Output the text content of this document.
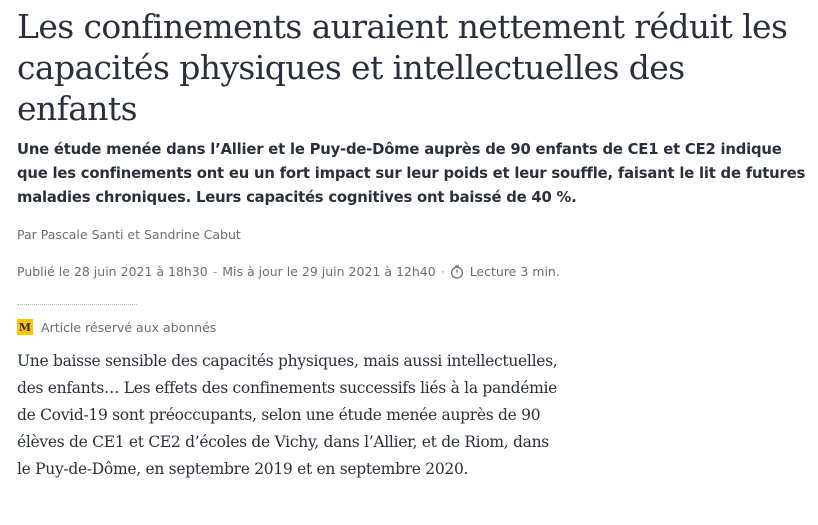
Les confinements auraient nettement réduit les capacités physiques et intellectuelles des enfants

Une étude menée dans l’Allier et le Puy-de-Dôme auprès de 90 enfants de CE1 et CE2 indique que les confinements ont eu un fort impact sur leur poids et leur souffle, faisant le lit de futures maladies chroniques. Leurs capacités cognitives ont baissé de 40 %.

Par Pascale Santi et Sandrine Cabut
Publié le 28 juin 2021 à 18h30 - Mis à jour le 29 juin 2021 à 12h40 · Lecture 3 min.
M Article réservé aux abonnés

Une baisse sensible des capacités physiques, mais aussi intellectuelles, des enfants… Les effets des confinements successifs liés à la pandémie de Covid-19 sont préoccupants, selon une étude menée auprès de 90 élèves de CE1 et CE2 d’écoles de Vichy, dans l’Allier, et de Riom, dans le Puy-de-Dôme, en septembre 2019 et en septembre 2020.
